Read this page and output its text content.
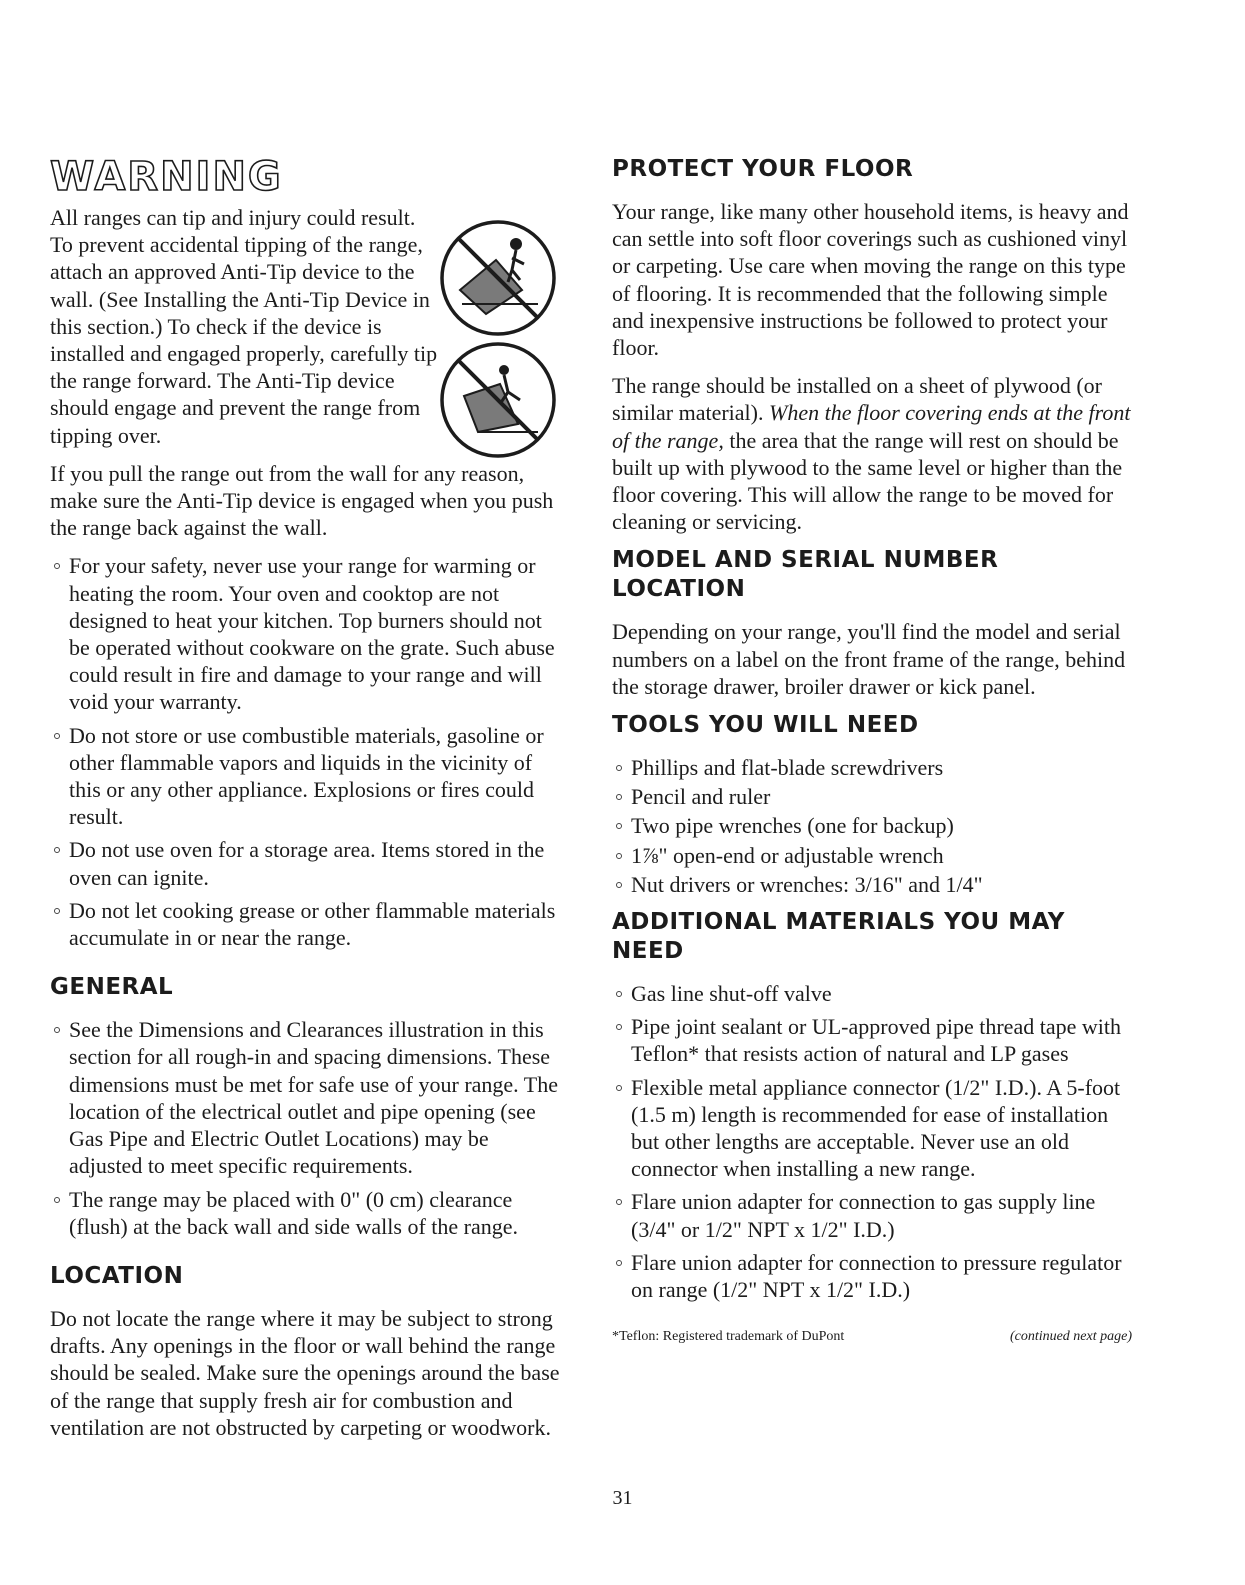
WARNING

All ranges can tip and injury could result. To prevent accidental tipping of the range, attach an approved Anti-Tip device to the wall. (See Installing the Anti-Tip Device in this section.) To check if the device is installed and engaged properly, carefully tip the range forward. The Anti-Tip device should engage and prevent the range from tipping over.

If you pull the range out from the wall for any reason, make sure the Anti-Tip device is engaged when you push the range back against the wall.

For your safety, never use your range for warming or heating the room. Your oven and cooktop are not designed to heat your kitchen. Top burners should not be operated without cookware on the grate. Such abuse could result in fire and damage to your range and will void your warranty.
Do not store or use combustible materials, gasoline or other flammable vapors and liquids in the vicinity of this or any other appliance. Explosions or fires could result.
Do not use oven for a storage area. Items stored in the oven can ignite.
Do not let cooking grease or other flammable materials accumulate in or near the range.
GENERAL
See the Dimensions and Clearances illustration in this section for all rough-in and spacing dimensions. These dimensions must be met for safe use of your range. The location of the electrical outlet and pipe opening (see Gas Pipe and Electric Outlet Locations) may be adjusted to meet specific requirements.
The range may be placed with 0" (0 cm) clearance (flush) at the back wall and side walls of the range.
LOCATION

Do not locate the range where it may be subject to strong drafts. Any openings in the floor or wall behind the range should be sealed. Make sure the openings around the base of the range that supply fresh air for combustion and ventilation are not obstructed by carpeting or woodwork.

PROTECT YOUR FLOOR

Your range, like many other household items, is heavy and can settle into soft floor coverings such as cushioned vinyl or carpeting. Use care when moving the range on this type of flooring. It is recommended that the following simple and inexpensive instructions be followed to protect your floor.

The range should be installed on a sheet of plywood (or similar material). When the floor covering ends at the front of the range, the area that the range will rest on should be built up with plywood to the same level or higher than the floor covering. This will allow the range to be moved for cleaning or servicing.

MODEL AND SERIAL NUMBER LOCATION

Depending on your range, you'll find the model and serial numbers on a label on the front frame of the range, behind the storage drawer, broiler drawer or kick panel.

TOOLS YOU WILL NEED
Phillips and flat-blade screwdrivers
Pencil and ruler
Two pipe wrenches (one for backup)
1⅞" open-end or adjustable wrench
Nut drivers or wrenches: 3/16" and 1/4"
ADDITIONAL MATERIALS YOU MAY NEED
Gas line shut-off valve
Pipe joint sealant or UL-approved pipe thread tape with Teflon* that resists action of natural and LP gases
Flexible metal appliance connector (1/2" I.D.). A 5-foot (1.5 m) length is recommended for ease of installation but other lengths are acceptable. Never use an old connector when installing a new range.
Flare union adapter for connection to gas supply line (3/4" or 1/2" NPT x 1/2" I.D.)
Flare union adapter for connection to pressure regulator on range (1/2" NPT x 1/2" I.D.)
*Teflon: Registered trademark of DuPont	(continued next page)
31
